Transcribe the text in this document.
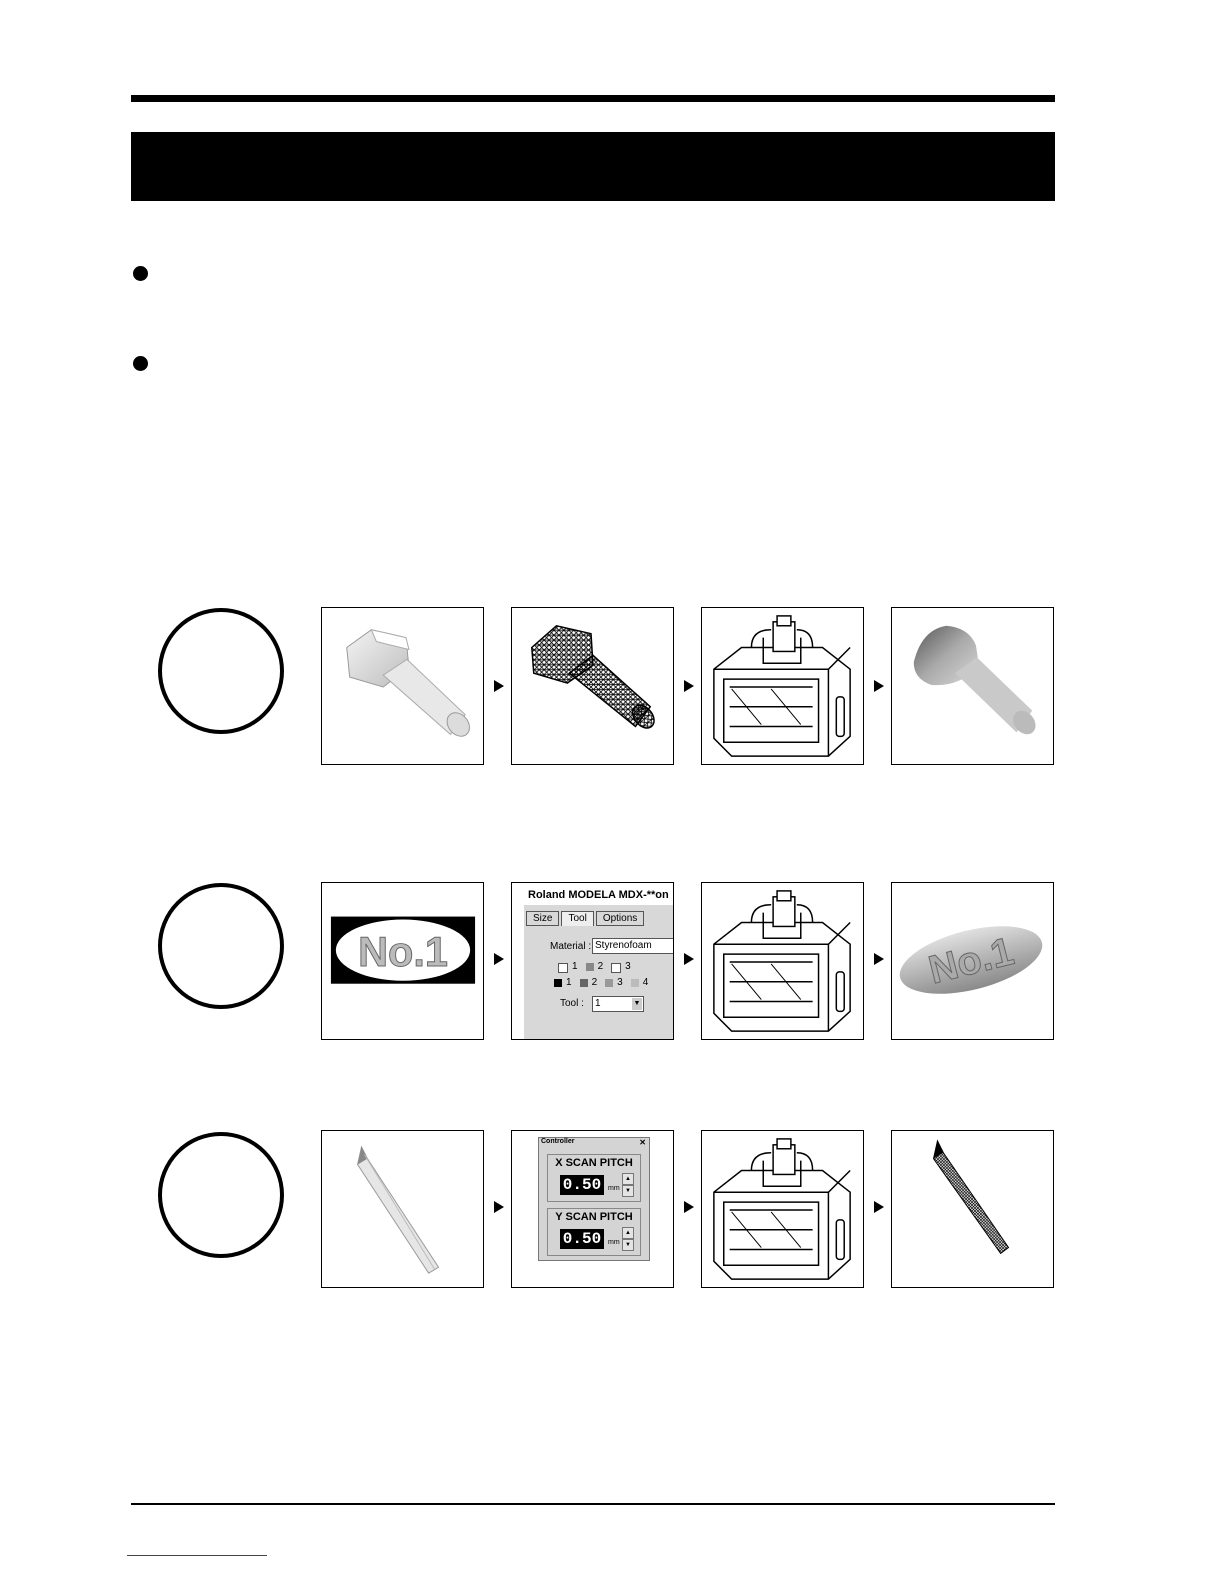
No.1
Roland MODELA MDX-**on
Size	Tool	Options
Material : Styrenofoam
1 2 3
1 2 3 4
Tool :	1	▼
No.1
Controller	✕
X SCAN PITCH
0.50 mm
▲
▼
Y SCAN PITCH
0.50 mm
▲
▼
